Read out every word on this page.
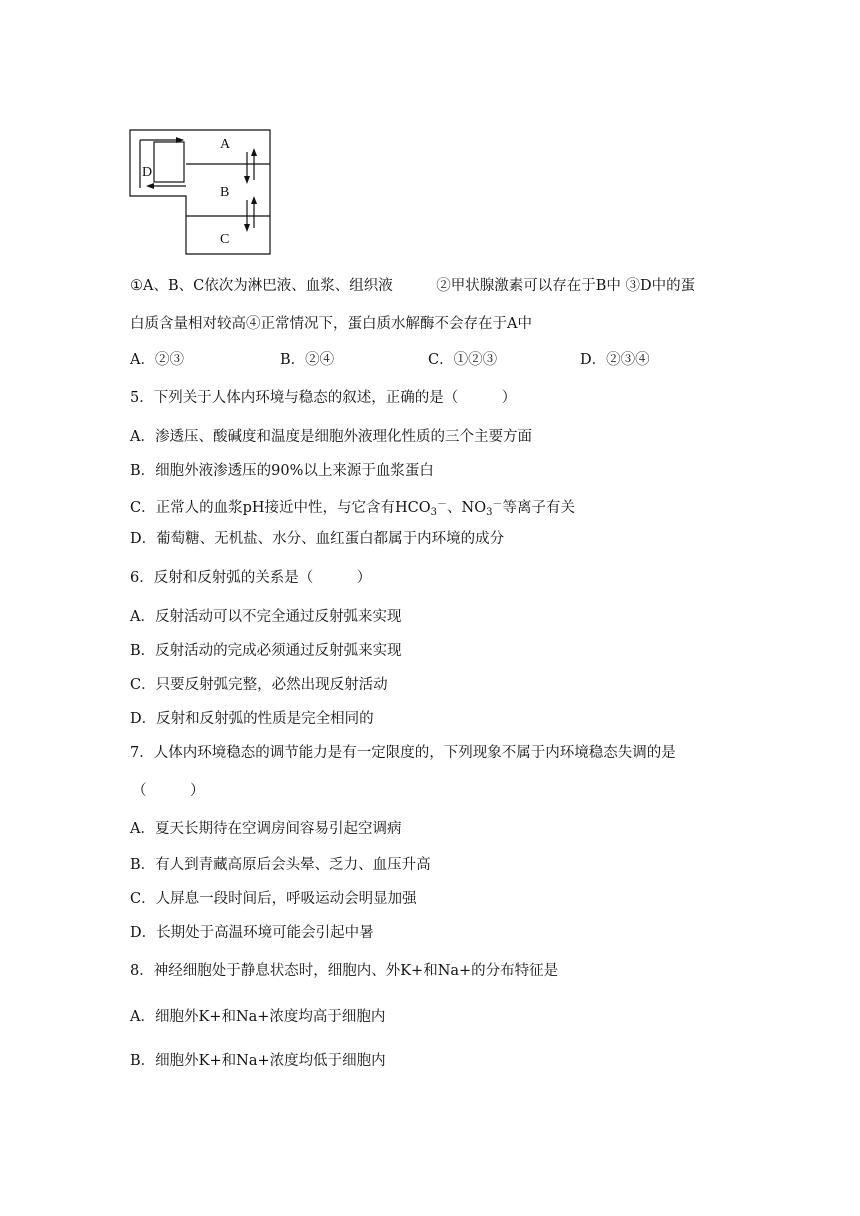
A
B
C
D
①A、B、C依次为淋巴液、血浆、组织液　　　②甲状腺激素可以存在于B中 ③D中的蛋
白质含量相对较高④正常情况下，蛋白质水解酶不会存在于A中
A．②③	B．②④	C．①②③	D．②③④
5．下列关于人体内环境与稳态的叙述，正确的是（　　　）
A．渗透压、酸碱度和温度是细胞外液理化性质的三个主要方面
B．细胞外液渗透压的90%以上来源于血浆蛋白
C．正常人的血浆pH接近中性，与它含有$HCO_3^-$、$NO_3^-$等离子有关
D．葡萄糖、无机盐、水分、血红蛋白都属于内环境的成分
6．反射和反射弧的关系是（　　　）
A．反射活动可以不完全通过反射弧来实现
B．反射活动的完成必须通过反射弧来实现
C．只要反射弧完整，必然出现反射活动
D．反射和反射弧的性质是完全相同的
7．人体内环境稳态的调节能力是有一定限度的，下列现象不属于内环境稳态失调的是
（　　　）
A．夏天长期待在空调房间容易引起空调病
B．有人到青藏高原后会头晕、乏力、血压升高
C．人屏息一段时间后，呼吸运动会明显加强
D．长期处于高温环境可能会引起中暑
8．神经细胞处于静息状态时，细胞内、外K+和Na+的分布特征是
A．细胞外K+和Na+浓度均高于细胞内
B．细胞外K+和Na+浓度均低于细胞内
